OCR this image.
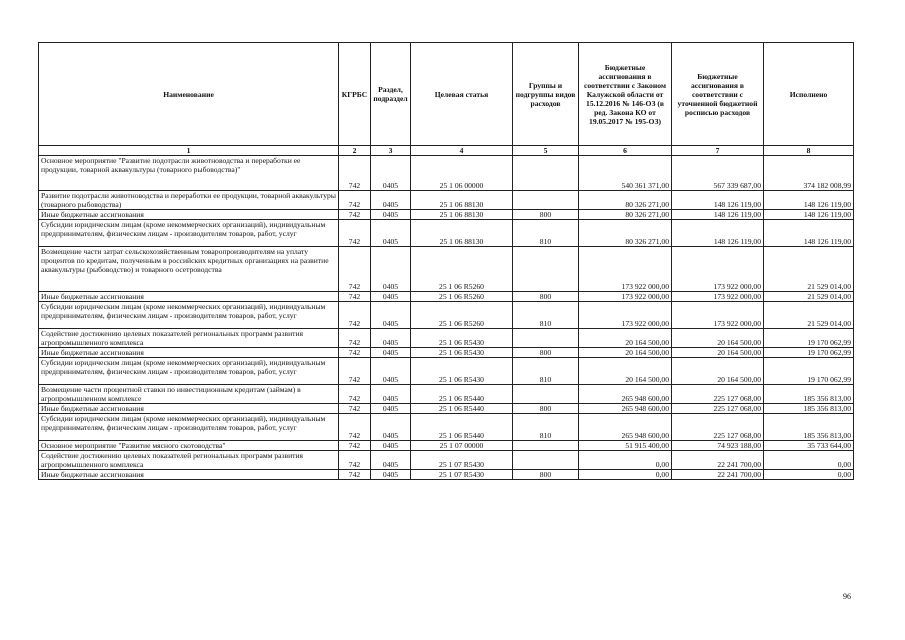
Наименование	КГРБС	Раздел, подраздел	Целевая статья	Группы и подгруппы видов расходов	Бюджетные ассигнования в соответствии с Законом Калужской области от 15.12.2016 № 146-ОЗ (в ред. Закона КО от 19.05.2017 № 195-ОЗ)	Бюджетные ассигнования в соответствии с уточненной бюджетной росписью расходов	Исполнено
1	2	3	4	5	6	7	8
Основное мероприятие "Развитие подотрасли животноводства и переработки ее продукции, товарной аквакультуры (товарного рыбоводства)"	742	0405	25 1 06 00000		540 361 371,00	567 339 687,00	374 182 008,99
Развитие подотрасли животноводства и переработки ее продукции, товарной аквакультуры (товарного рыбоводства)	742	0405	25 1 06 88130		80 326 271,00	148 126 119,00	148 126 119,00
Иные бюджетные ассигнования	742	0405	25 1 06 88130	800	80 326 271,00	148 126 119,00	148 126 119,00
Субсидии юридическим лицам (кроме некоммерческих организаций), индивидуальным предпринимателям, физическим лицам - производителям товаров, работ, услуг	742	0405	25 1 06 88130	810	80 326 271,00	148 126 119,00	148 126 119,00
Возмещение части затрат сельскохозяйственным товаропроизводителям на уплату процентов по кредитам, полученным в российских кредитных организациях на развитие аквакультуры (рыбоводство) и товарного осетроводства	742	0405	25 1 06 R5260		173 922 000,00	173 922 000,00	21 529 014,00
Иные бюджетные ассигнования	742	0405	25 1 06 R5260	800	173 922 000,00	173 922 000,00	21 529 014,00
Субсидии юридическим лицам (кроме некоммерческих организаций), индивидуальным предпринимателям, физическим лицам - производителям товаров, работ, услуг	742	0405	25 1 06 R5260	810	173 922 000,00	173 922 000,00	21 529 014,00
Содействие достижению целевых показателей региональных программ развития агропромышленного комплекса	742	0405	25 1 06 R5430		20 164 500,00	20 164 500,00	19 170 062,99
Иные бюджетные ассигнования	742	0405	25 1 06 R5430	800	20 164 500,00	20 164 500,00	19 170 062,99
Субсидии юридическим лицам (кроме некоммерческих организаций), индивидуальным предпринимателям, физическим лицам - производителям товаров, работ, услуг	742	0405	25 1 06 R5430	810	20 164 500,00	20 164 500,00	19 170 062,99
Возмещение части процентной ставки по инвестиционным кредитам (займам) в агропромышленном комплексе	742	0405	25 1 06 R5440		265 948 600,00	225 127 068,00	185 356 813,00
Иные бюджетные ассигнования	742	0405	25 1 06 R5440	800	265 948 600,00	225 127 068,00	185 356 813,00
Субсидии юридическим лицам (кроме некоммерческих организаций), индивидуальным предпринимателям, физическим лицам - производителям товаров, работ, услуг	742	0405	25 1 06 R5440	810	265 948 600,00	225 127 068,00	185 356 813,00
Основное мероприятие "Развитие мясного скотоводства"	742	0405	25 1 07 00000		51 915 400,00	74 923 188,00	35 733 644,00
Содействие достижению целевых показателей региональных программ развития агропромышленного комплекса	742	0405	25 1 07 R5430		0,00	22 241 700,00	0,00
Иные бюджетные ассигнования	742	0405	25 1 07 R5430	800	0,00	22 241 700,00	0,00
96
